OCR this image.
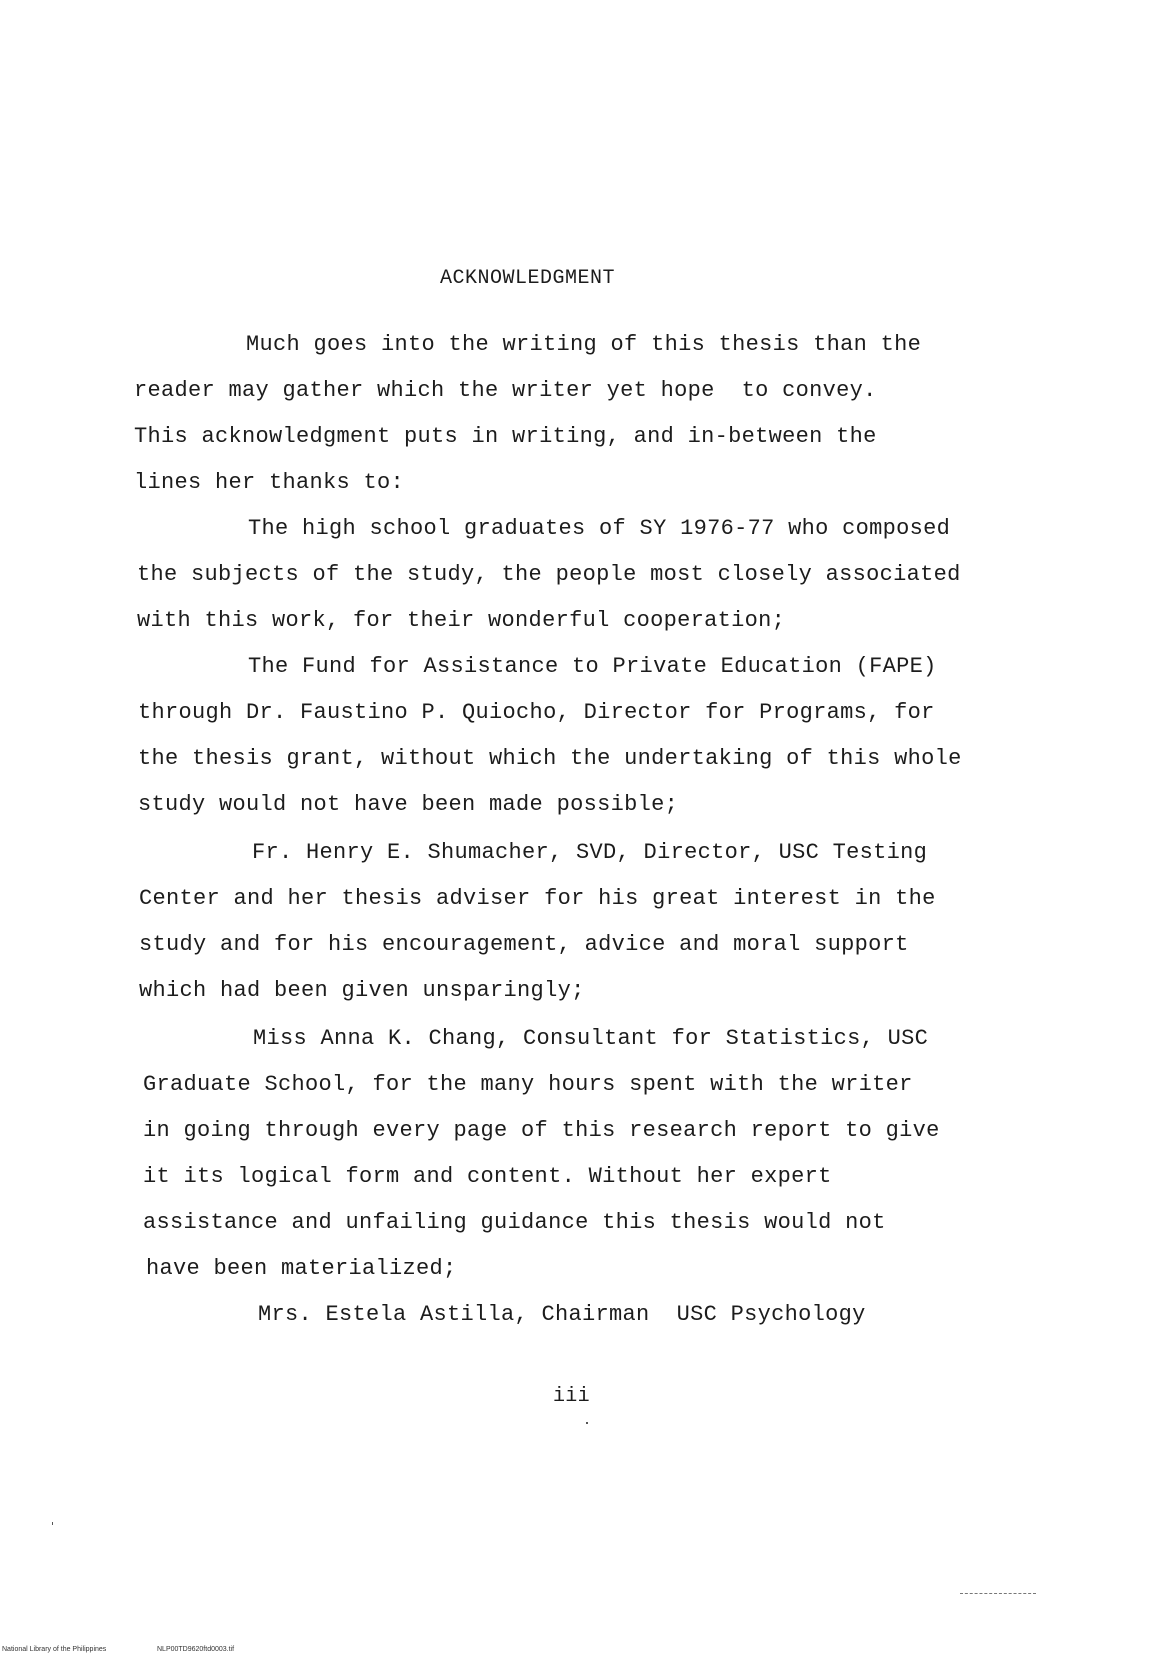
ACKNOWLEDGMENT
Much goes into the writing of this thesis than the
reader may gather which the writer yet hope  to convey.
This acknowledgment puts in writing, and in-between the
lines her thanks to:
The high school graduates of SY 1976-77 who composed
the subjects of the study, the people most closely associated
with this work, for their wonderful cooperation;
The Fund for Assistance to Private Education (FAPE)
through Dr. Faustino P. Quiocho, Director for Programs, for
the thesis grant, without which the undertaking of this whole
study would not have been made possible;
Fr. Henry E. Shumacher, SVD, Director, USC Testing
Center and her thesis adviser for his great interest in the
study and for his encouragement, advice and moral support
which had been given unsparingly;
Miss Anna K. Chang, Consultant for Statistics, USC
Graduate School, for the many hours spent with the writer
in going through every page of this research report to give
it its logical form and content. Without her expert
assistance and unfailing guidance this thesis would not
have been materialized;
Mrs. Estela Astilla, Chairman  USC Psychology
iii
National Library of the Philippines	NLP00TD9620ftd0003.tif
